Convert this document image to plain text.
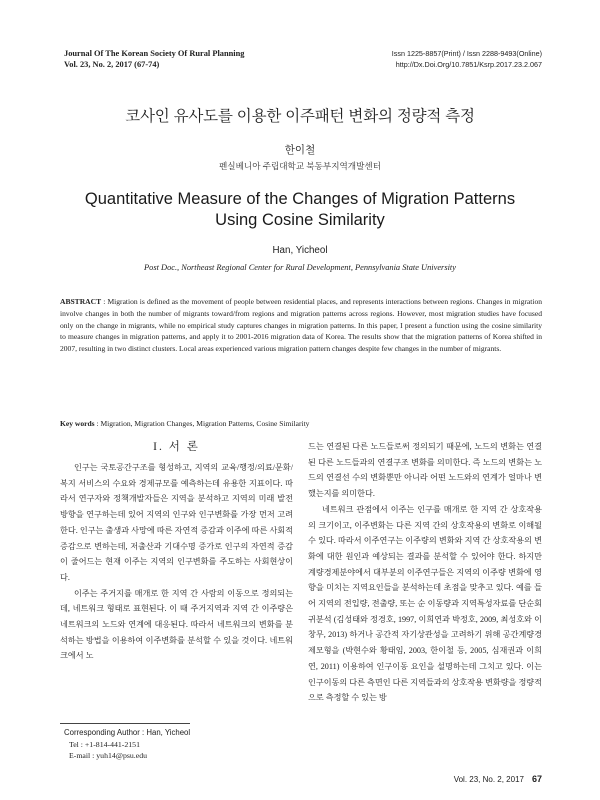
Journal Of The Korean Society Of Rural Planning
Vol. 23, No. 2, 2017 (67-74)
Issn 1225-8857(Print) / Issn 2288-9493(Online)
http://Dx.Doi.Org/10.7851/Ksrp.2017.23.2.067
코사인 유사도를 이용한 이주패턴 변화의 정량적 측정
한이철
펜실베니아 주립대학교 북동부지역개발센터
Quantitative Measure of the Changes of Migration Patterns
Using Cosine Similarity
Han, Yicheol
Post Doc., Northeast Regional Center for Rural Development, Pennsylvania State University
ABSTRACT : Migration is defined as the movement of people between residential places, and represents interactions between regions. Changes in migration involve changes in both the number of migrants toward/from regions and migration patterns across regions. However, most migration studies have focused only on the change in migrants, while no empirical study captures changes in migration patterns. In this paper, I present a function using the cosine similarity to measure changes in migration patterns, and apply it to 2001-2016 migration data of Korea. The results show that the migration patterns of Korea shifted in 2007, resulting in two distinct clusters. Local areas experienced various migration pattern changes despite few changes in the number of migrants.
Key words : Migration, Migration Changes, Migration Patterns, Cosine Similarity
I. 서 론

인구는 국토공간구조를 형성하고, 지역의 교육/행정/의료/문화/복지 서비스의 수요와 경제규모를 예측하는데 유용한 지표이다. 따라서 연구자와 정책개발자들은 지역을 분석하고 지역의 미래 발전방향을 연구하는데 있어 지역의 인구와 인구변화를 가장 먼저 고려한다. 인구는 출생과 사망에 따른 자연적 증감과 이주에 따른 사회적 증감으로 변하는데, 저출산과 기대수명 증가로 인구의 자연적 증감이 줄어드는 현재 이주는 지역의 인구변화를 주도하는 사회현상이다.

이주는 주거지를 매개로 한 지역 간 사람의 이동으로 정의되는데, 네트워크 형태로 표현된다. 이 때 주거지역과 지역 간 이주량은 네트워크의 노드와 연계에 대응된다. 따라서 네트워크의 변화를 분석하는 방법을 이용하여 이주변화를 분석할 수 있을 것이다. 네트워크에서 노

드는 연결된 다른 노드들로써 정의되기 때문에, 노드의 변화는 연결된 다른 노드들과의 연결구조 변화를 의미한다. 즉 노드의 변화는 노드의 연결선 수의 변화뿐만 아니라 어떤 노드와의 연계가 얼마나 변했는지를 의미한다.

네트워크 관점에서 이주는 인구를 매개로 한 지역 간 상호작용의 크기이고, 이주변화는 다른 지역 간의 상호작용의 변화로 이해될 수 있다. 따라서 이주연구는 이주량의 변화와 지역 간 상호작용의 변화에 대한 원인과 예상되는 결과를 분석할 수 있어야 한다. 하지만 계량경제분야에서 대부분의 이주연구들은 지역의 이주량 변화에 영향을 미치는 지역요인들을 분석하는데 초점을 맞추고 있다. 예를 들어 지역의 전입량, 전출량, 또는 순 이동량과 지역특성자료를 단순회귀분석 (김성태와 정경호, 1997, 이희연과 박정호, 2009, 최성호와 이창무, 2013) 하거나 공간적 자기상관성을 고려하기 위해 공간계량경제모형을 (박현수와 황태임, 2003, 한이철 등, 2005, 심재권과 이희연, 2011) 이용하여 인구이동 요인을 설명하는데 그치고 있다. 이는 인구이동의 다른 측면인 다른 지역들과의 상호작용 변화량을 정량적으로 측정할 수 있는 방

Corresponding Author : Han, Yicheol
Tel : +1-814-441-2151
E-mail : yuh14@psu.edu
Vol. 23, No. 2, 2017 67
